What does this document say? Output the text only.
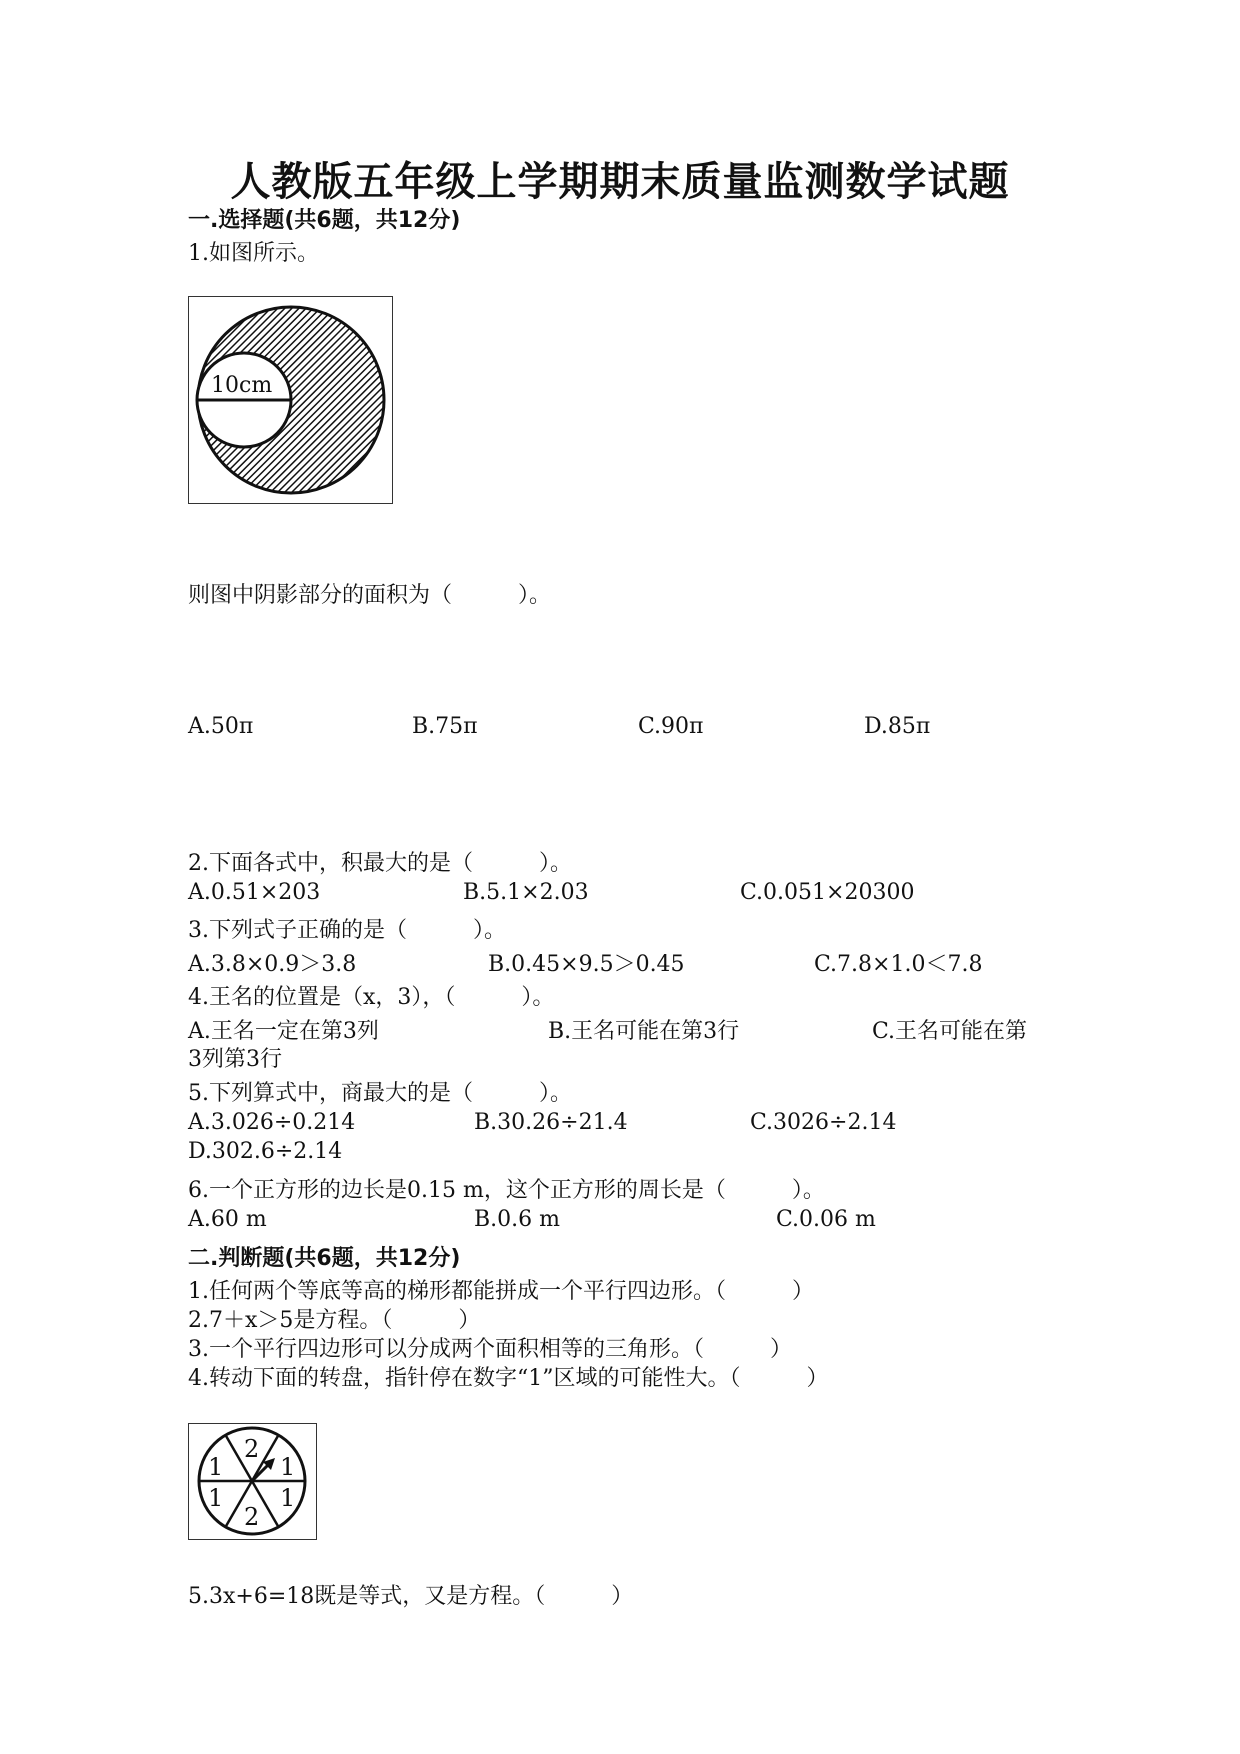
人教版五年级上学期期末质量监测数学试题
一.选择题(共6题，共12分)
1.如图所示。
10cm
则图中阴影部分的面积为（　　　）。
A.50π	B.75π	C.90π	D.85π
2.下面各式中，积最大的是（　　　）。
A.0.51×203	B.5.1×2.03	C.0.051×20300
3.下列式子正确的是（　　　）。
A.3.8×0.9＞3.8	B.0.45×9.5＞0.45	C.7.8×1.0＜7.8
4.王名的位置是（x，3），（　　　）。
A.王名一定在第3列	B.王名可能在第3行	C.王名可能在第
3列第3行
5.下列算式中，商最大的是（　　　）。
A.3.026÷0.214	B.30.26÷21.4	C.3026÷2.14
D.302.6÷2.14
6.一个正方形的边长是0.15 m，这个正方形的周长是（　　　）。
A.60 m	B.0.6 m	C.0.06 m
二.判断题(共6题，共12分)
1.任何两个等底等高的梯形都能拼成一个平行四边形。（　　　）
2.7＋x＞5是方程。（　　　）
3.一个平行四边形可以分成两个面积相等的三角形。（　　　）
4.转动下面的转盘，指针停在数字“1”区域的可能性大。（　　　）
2
1
1
2
1
1
5.3x+6=18既是等式，又是方程。（　　　）
